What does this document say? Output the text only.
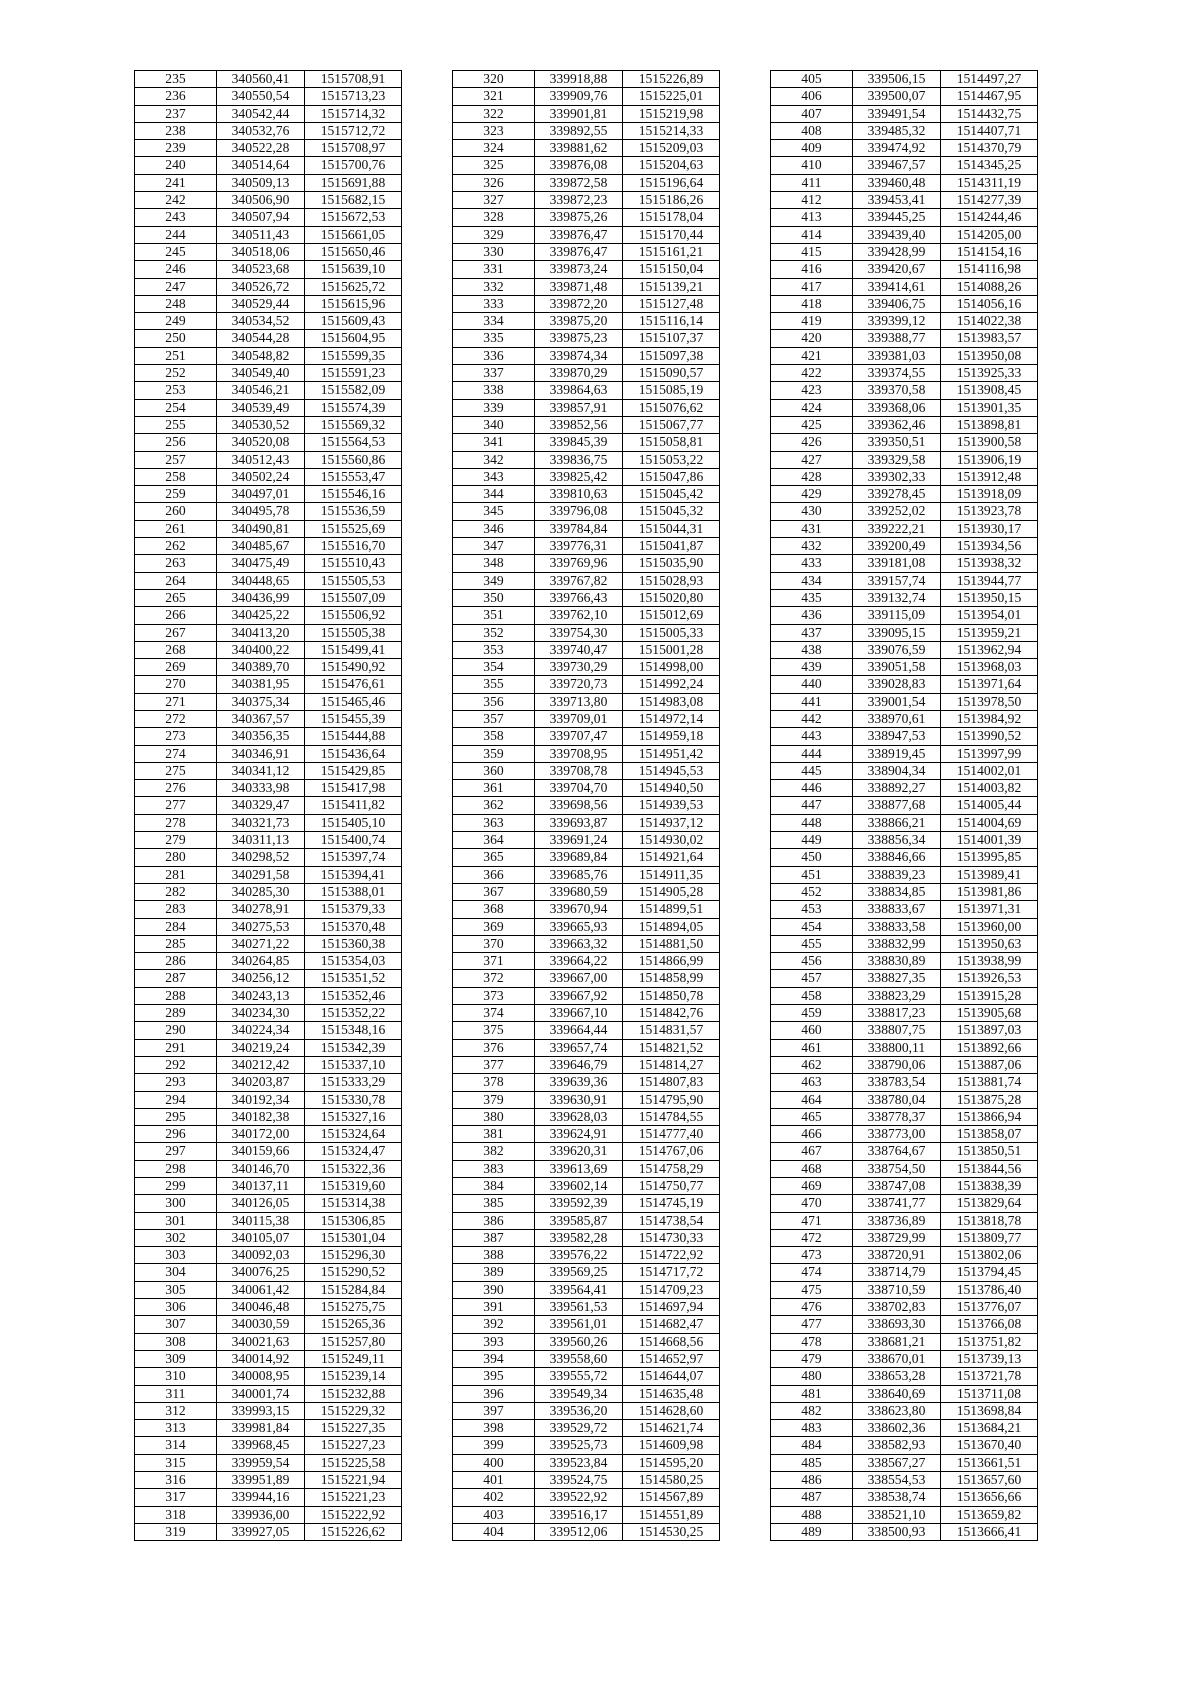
235	340560,41	1515708,91
236	340550,54	1515713,23
237	340542,44	1515714,32
238	340532,76	1515712,72
239	340522,28	1515708,97
240	340514,64	1515700,76
241	340509,13	1515691,88
242	340506,90	1515682,15
243	340507,94	1515672,53
244	340511,43	1515661,05
245	340518,06	1515650,46
246	340523,68	1515639,10
247	340526,72	1515625,72
248	340529,44	1515615,96
249	340534,52	1515609,43
250	340544,28	1515604,95
251	340548,82	1515599,35
252	340549,40	1515591,23
253	340546,21	1515582,09
254	340539,49	1515574,39
255	340530,52	1515569,32
256	340520,08	1515564,53
257	340512,43	1515560,86
258	340502,24	1515553,47
259	340497,01	1515546,16
260	340495,78	1515536,59
261	340490,81	1515525,69
262	340485,67	1515516,70
263	340475,49	1515510,43
264	340448,65	1515505,53
265	340436,99	1515507,09
266	340425,22	1515506,92
267	340413,20	1515505,38
268	340400,22	1515499,41
269	340389,70	1515490,92
270	340381,95	1515476,61
271	340375,34	1515465,46
272	340367,57	1515455,39
273	340356,35	1515444,88
274	340346,91	1515436,64
275	340341,12	1515429,85
276	340333,98	1515417,98
277	340329,47	1515411,82
278	340321,73	1515405,10
279	340311,13	1515400,74
280	340298,52	1515397,74
281	340291,58	1515394,41
282	340285,30	1515388,01
283	340278,91	1515379,33
284	340275,53	1515370,48
285	340271,22	1515360,38
286	340264,85	1515354,03
287	340256,12	1515351,52
288	340243,13	1515352,46
289	340234,30	1515352,22
290	340224,34	1515348,16
291	340219,24	1515342,39
292	340212,42	1515337,10
293	340203,87	1515333,29
294	340192,34	1515330,78
295	340182,38	1515327,16
296	340172,00	1515324,64
297	340159,66	1515324,47
298	340146,70	1515322,36
299	340137,11	1515319,60
300	340126,05	1515314,38
301	340115,38	1515306,85
302	340105,07	1515301,04
303	340092,03	1515296,30
304	340076,25	1515290,52
305	340061,42	1515284,84
306	340046,48	1515275,75
307	340030,59	1515265,36
308	340021,63	1515257,80
309	340014,92	1515249,11
310	340008,95	1515239,14
311	340001,74	1515232,88
312	339993,15	1515229,32
313	339981,84	1515227,35
314	339968,45	1515227,23
315	339959,54	1515225,58
316	339951,89	1515221,94
317	339944,16	1515221,23
318	339936,00	1515222,92
319	339927,05	1515226,62
320	339918,88	1515226,89
321	339909,76	1515225,01
322	339901,81	1515219,98
323	339892,55	1515214,33
324	339881,62	1515209,03
325	339876,08	1515204,63
326	339872,58	1515196,64
327	339872,23	1515186,26
328	339875,26	1515178,04
329	339876,47	1515170,44
330	339876,47	1515161,21
331	339873,24	1515150,04
332	339871,48	1515139,21
333	339872,20	1515127,48
334	339875,20	1515116,14
335	339875,23	1515107,37
336	339874,34	1515097,38
337	339870,29	1515090,57
338	339864,63	1515085,19
339	339857,91	1515076,62
340	339852,56	1515067,77
341	339845,39	1515058,81
342	339836,75	1515053,22
343	339825,42	1515047,86
344	339810,63	1515045,42
345	339796,08	1515045,32
346	339784,84	1515044,31
347	339776,31	1515041,87
348	339769,96	1515035,90
349	339767,82	1515028,93
350	339766,43	1515020,80
351	339762,10	1515012,69
352	339754,30	1515005,33
353	339740,47	1515001,28
354	339730,29	1514998,00
355	339720,73	1514992,24
356	339713,80	1514983,08
357	339709,01	1514972,14
358	339707,47	1514959,18
359	339708,95	1514951,42
360	339708,78	1514945,53
361	339704,70	1514940,50
362	339698,56	1514939,53
363	339693,87	1514937,12
364	339691,24	1514930,02
365	339689,84	1514921,64
366	339685,76	1514911,35
367	339680,59	1514905,28
368	339670,94	1514899,51
369	339665,93	1514894,05
370	339663,32	1514881,50
371	339664,22	1514866,99
372	339667,00	1514858,99
373	339667,92	1514850,78
374	339667,10	1514842,76
375	339664,44	1514831,57
376	339657,74	1514821,52
377	339646,79	1514814,27
378	339639,36	1514807,83
379	339630,91	1514795,90
380	339628,03	1514784,55
381	339624,91	1514777,40
382	339620,31	1514767,06
383	339613,69	1514758,29
384	339602,14	1514750,77
385	339592,39	1514745,19
386	339585,87	1514738,54
387	339582,28	1514730,33
388	339576,22	1514722,92
389	339569,25	1514717,72
390	339564,41	1514709,23
391	339561,53	1514697,94
392	339561,01	1514682,47
393	339560,26	1514668,56
394	339558,60	1514652,97
395	339555,72	1514644,07
396	339549,34	1514635,48
397	339536,20	1514628,60
398	339529,72	1514621,74
399	339525,73	1514609,98
400	339523,84	1514595,20
401	339524,75	1514580,25
402	339522,92	1514567,89
403	339516,17	1514551,89
404	339512,06	1514530,25
405	339506,15	1514497,27
406	339500,07	1514467,95
407	339491,54	1514432,75
408	339485,32	1514407,71
409	339474,92	1514370,79
410	339467,57	1514345,25
411	339460,48	1514311,19
412	339453,41	1514277,39
413	339445,25	1514244,46
414	339439,40	1514205,00
415	339428,99	1514154,16
416	339420,67	1514116,98
417	339414,61	1514088,26
418	339406,75	1514056,16
419	339399,12	1514022,38
420	339388,77	1513983,57
421	339381,03	1513950,08
422	339374,55	1513925,33
423	339370,58	1513908,45
424	339368,06	1513901,35
425	339362,46	1513898,81
426	339350,51	1513900,58
427	339329,58	1513906,19
428	339302,33	1513912,48
429	339278,45	1513918,09
430	339252,02	1513923,78
431	339222,21	1513930,17
432	339200,49	1513934,56
433	339181,08	1513938,32
434	339157,74	1513944,77
435	339132,74	1513950,15
436	339115,09	1513954,01
437	339095,15	1513959,21
438	339076,59	1513962,94
439	339051,58	1513968,03
440	339028,83	1513971,64
441	339001,54	1513978,50
442	338970,61	1513984,92
443	338947,53	1513990,52
444	338919,45	1513997,99
445	338904,34	1514002,01
446	338892,27	1514003,82
447	338877,68	1514005,44
448	338866,21	1514004,69
449	338856,34	1514001,39
450	338846,66	1513995,85
451	338839,23	1513989,41
452	338834,85	1513981,86
453	338833,67	1513971,31
454	338833,58	1513960,00
455	338832,99	1513950,63
456	338830,89	1513938,99
457	338827,35	1513926,53
458	338823,29	1513915,28
459	338817,23	1513905,68
460	338807,75	1513897,03
461	338800,11	1513892,66
462	338790,06	1513887,06
463	338783,54	1513881,74
464	338780,04	1513875,28
465	338778,37	1513866,94
466	338773,00	1513858,07
467	338764,67	1513850,51
468	338754,50	1513844,56
469	338747,08	1513838,39
470	338741,77	1513829,64
471	338736,89	1513818,78
472	338729,99	1513809,77
473	338720,91	1513802,06
474	338714,79	1513794,45
475	338710,59	1513786,40
476	338702,83	1513776,07
477	338693,30	1513766,08
478	338681,21	1513751,82
479	338670,01	1513739,13
480	338653,28	1513721,78
481	338640,69	1513711,08
482	338623,80	1513698,84
483	338602,36	1513684,21
484	338582,93	1513670,40
485	338567,27	1513661,51
486	338554,53	1513657,60
487	338538,74	1513656,66
488	338521,10	1513659,82
489	338500,93	1513666,41
